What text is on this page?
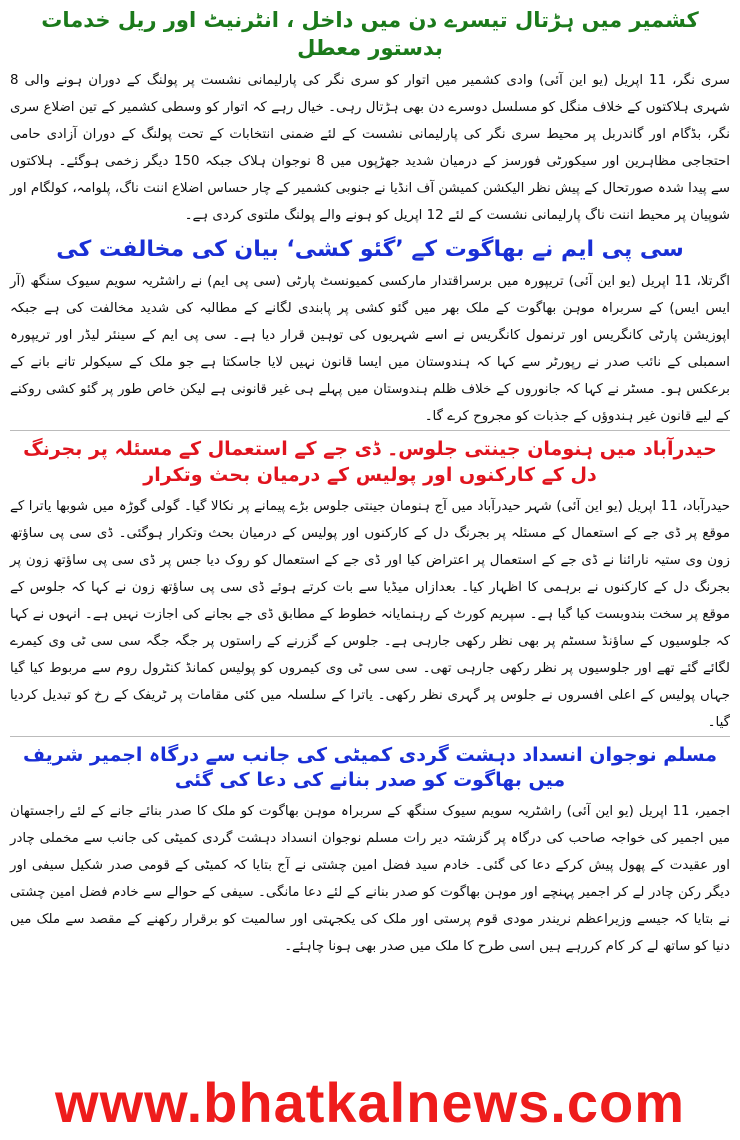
کشمیر میں ہڑتال تیسرے دن میں داخل ، انٹرنیٹ اور ریل خدمات بدستور معطل

سری نگر، 11 اپریل (یو این آئی) وادی کشمیر میں اتوار کو سری نگر کی پارلیمانی نشست پر پولنگ کے دوران ہونے والی 8 شہری ہلاکتوں کے خلاف منگل کو مسلسل دوسرے دن بھی ہڑتال رہی۔ خیال رہے کہ اتوار کو وسطی کشمیر کے تین اضلاع سری نگر، بڈگام اور گاندربل پر محیط سری نگر کی پارلیمانی نشست کے لئے ضمنی انتخابات کے تحت پولنگ کے دوران آزادی حامی احتجاجی مظاہرین اور سیکورٹی فورسز کے درمیان شدید جھڑپوں میں 8 نوجوان ہلاک جبکہ 150 دیگر زخمی ہوگئے۔ ہلاکتوں سے پیدا شدہ صورتحال کے پیش نظر الیکشن کمیشن آف انڈیا نے جنوبی کشمیر کے چار حساس اضلاع اننت ناگ، پلوامہ، کولگام اور شوپیان پر محیط اننت ناگ پارلیمانی نشست کے لئے 12 اپریل کو ہونے والے پولنگ ملتوی کردی ہے۔

سی پی ایم نے بھاگوت کے ’گئو کشی‘ بیان کی مخالفت کی

اگرتلا، 11 اپریل (یو این آئی) تریپورہ میں برسراقتدار مارکسی کمیونسٹ پارٹی (سی پی ایم) نے راشٹریہ سویم سیوک سنگھ (آر ایس ایس) کے سربراہ موہن بھاگوت کے ملک بھر میں گئو کشی پر پابندی لگانے کے مطالبہ کی شدید مخالفت کی ہے جبکہ اپوزیشن پارٹی کانگریس اور ترنمول کانگریس نے اسے شہریوں کی توہین قرار دیا ہے۔ سی پی ایم کے سینئر لیڈر اور تریپورہ اسمبلی کے نائب صدر نے رپورٹر سے کہا کہ ہندوستان میں ایسا قانون نہیں لایا جاسکتا ہے جو ملک کے سیکولر تانے بانے کے برعکس ہو۔ مسٹر نے کہا کہ جانوروں کے خلاف ظلم ہندوستان میں پہلے ہی غیر قانونی ہے لیکن خاص طور پر گئو کشی روکنے کے لیے قانون غیر ہندوؤں کے جذبات کو مجروح کرے گا۔

حیدرآباد میں ہنومان جینتی جلوس۔ ڈی جے کے استعمال کے مسئلہ پر بجرنگ دل کے کارکنوں اور پولیس کے درمیان بحث وتکرار

حیدرآباد، 11 اپریل (یو این آئی) شہر حیدرآباد میں آج ہنومان جینتی جلوس بڑے پیمانے پر نکالا گیا۔ گولی گوڑہ میں شوبھا یاترا کے موقع پر ڈی جے کے استعمال کے مسئلہ پر بجرنگ دل کے کارکنوں اور پولیس کے درمیان بحث وتکرار ہوگئی۔ ڈی سی پی ساؤتھ زون وی ستیہ نارائنا نے ڈی جے کے استعمال پر اعتراض کیا اور ڈی جے کے استعمال کو روک دیا جس پر ڈی سی پی ساؤتھ زون پر بجرنگ دل کے کارکنوں نے برہمی کا اظہار کیا۔ بعدازاں میڈیا سے بات کرتے ہوئے ڈی سی پی ساؤتھ زون نے کہا کہ جلوس کے موقع پر سخت بندوبست کیا گیا ہے۔ سپریم کورٹ کے رہنمایانہ خطوط کے مطابق ڈی جے بجانے کی اجازت نہیں ہے۔ انہوں نے کہا کہ جلوسیوں کے ساؤنڈ سسٹم پر بھی نظر رکھی جارہی ہے۔ جلوس کے گزرنے کے راستوں پر جگہ جگہ سی سی ٹی وی کیمرے لگائے گئے تھے اور جلوسیوں پر نظر رکھی جارہی تھی۔ سی سی ٹی وی کیمروں کو پولیس کمانڈ کنٹرول روم سے مربوط کیا گیا جہاں پولیس کے اعلی افسروں نے جلوس پر گہری نظر رکھی۔ یاترا کے سلسلہ میں کئی مقامات پر ٹریفک کے رخ کو تبدیل کردیا گیا۔

مسلم نوجوان انسداد دہشت گردی کمیٹی کی جانب سے درگاہ اجمیر شریف میں بھاگوت کو صدر بنانے کی دعا کی گئی

اجمیر، 11 اپریل (یو این آئی) راشٹریہ سویم سیوک سنگھ کے سربراہ موہن بھاگوت کو ملک کا صدر بنائے جانے کے لئے راجستھان میں اجمیر کی خواجہ صاحب کی درگاہ پر گزشتہ دیر رات مسلم نوجوان انسداد دہشت گردی کمیٹی کی جانب سے مخملی چادر اور عقیدت کے پھول پیش کرکے دعا کی گئی۔ خادم سید فضل امین چشتی نے آج بتایا کہ کمیٹی کے قومی صدر شکیل سیفی اور دیگر رکن چادر لے کر اجمیر پہنچے اور موہن بھاگوت کو صدر بنانے کے لئے دعا مانگی۔ سیفی کے حوالے سے خادم فضل امین چشتی نے بتایا کہ جیسے وزیراعظم نریندر مودی قوم پرستی اور ملک کی یکجہتی اور سالمیت کو برقرار رکھنے کے مقصد سے ملک میں دنیا کو ساتھ لے کر کام کررہے ہیں اسی طرح کا ملک میں صدر بھی ہونا چاہئے۔

www.bhatkalnews.com
